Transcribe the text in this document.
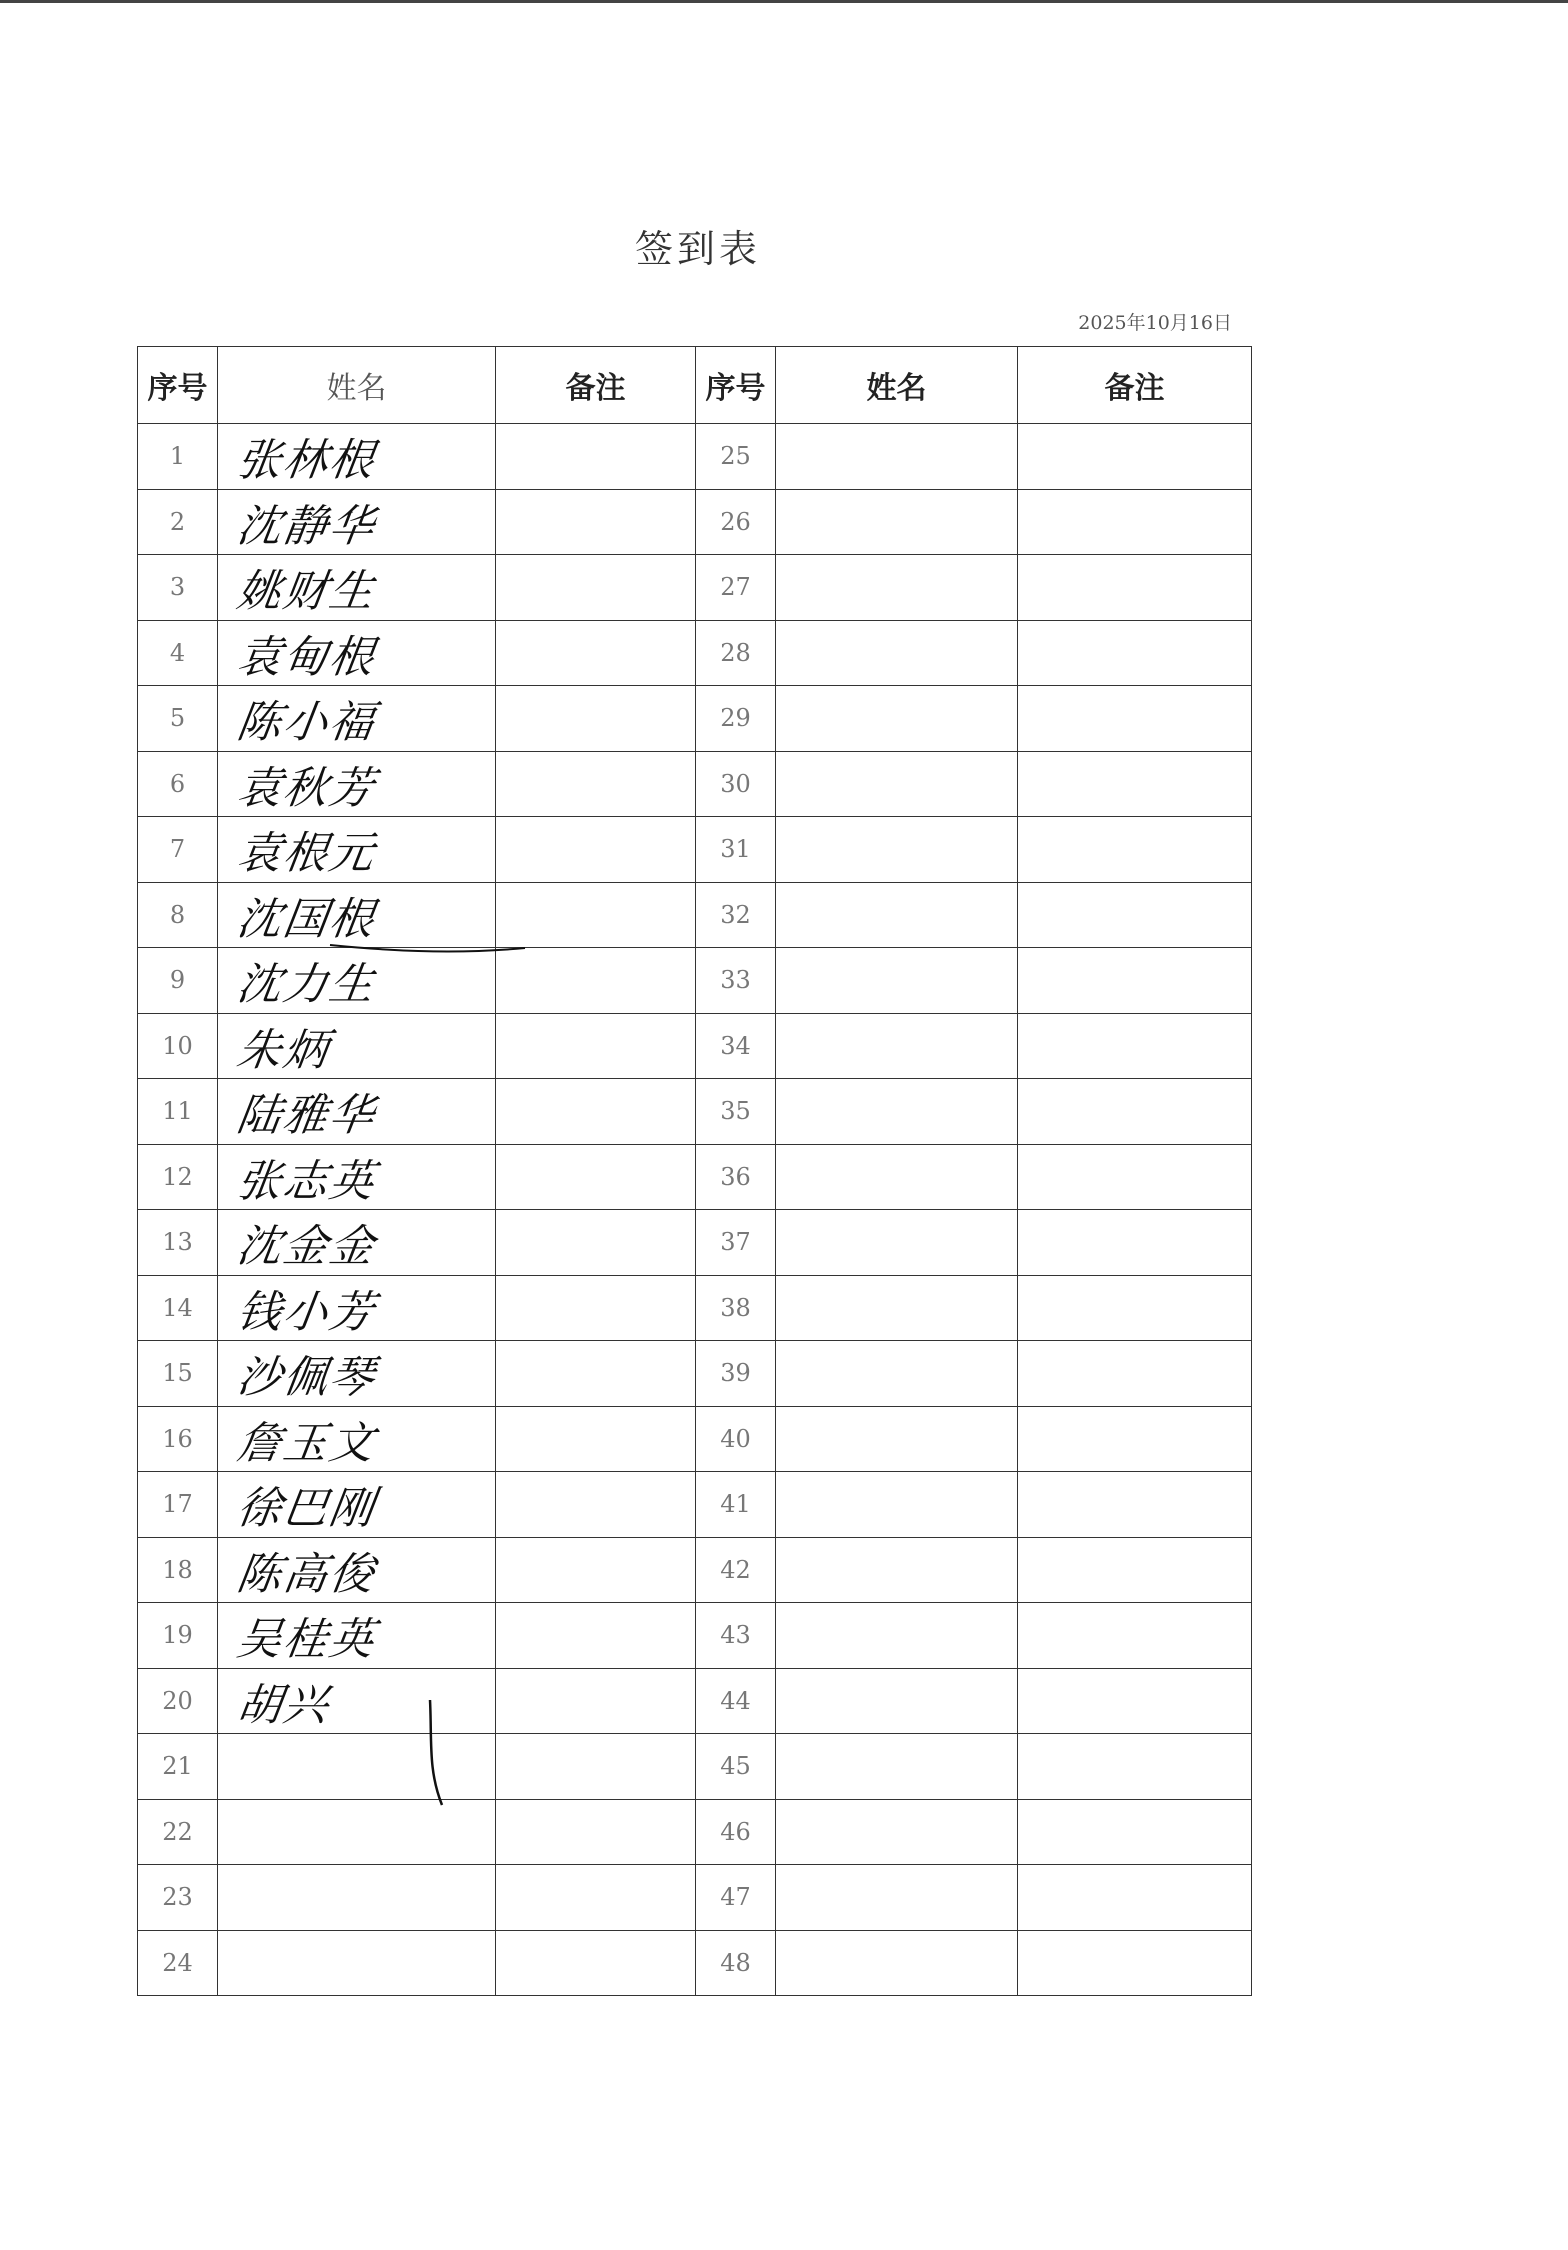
签到表
2025年10月16日
序号	姓名	备注	序号	姓名	备注
1	张林根		25	

2	沈静华		26	

3	姚财生		27	

4	袁甸根		28	

5	陈小福		29	

6	袁秋芳		30	

7	袁根元		31	

8	沈国根		32	

9	沈力生		33	

10	朱炳		34	

11	陆雅华		35	

12	张志英		36	

13	沈金金		37	

14	钱小芳		38	

15	沙佩琴		39	

16	詹玉文		40	

17	徐巴刚		41	

18	陈高俊		42	

19	吴桂英		43	

20	胡兴		44	

21			45	

22			46	

23			47	

24			48	
